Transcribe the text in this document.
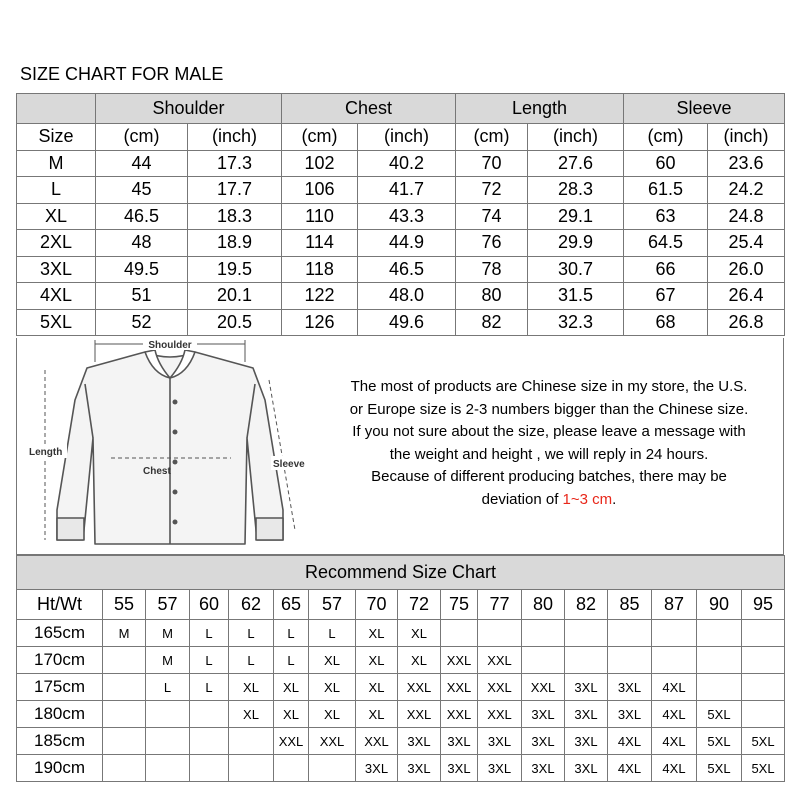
SIZE CHART FOR MALE
	Shoulder		Chest		Length		Sleeve	
Size	(cm)	(inch)	(cm)	(inch)	(cm)	(inch)	(cm)	(inch)
M	44	17.3	102	40.2	70	27.6	60	23.6
L	45	17.7	106	41.7	72	28.3	61.5	24.2
XL	46.5	18.3	110	43.3	74	29.1	63	24.8
2XL	48	18.9	114	44.9	76	29.9	64.5	25.4
3XL	49.5	19.5	118	46.5	78	30.7	66	26.0
4XL	51	20.1	122	48.0	80	31.5	67	26.4
5XL	52	20.5	126	49.6	82	32.3	68	26.8
Shoulder
Length
Chest
Sleeve
The most of products are Chinese size in my store, the U.S.
or Europe size is 2-3 numbers bigger than the Chinese size.
If you not sure about the size, please leave a message with
the weight and height , we will reply in 24 hours.
Because of different producing batches, there may be
deviation of 1~3 cm.
Recommend Size Chart																
Ht/Wt	55	57	60	62	65	57	70	72	75	77	80	82	85	87	90	95
165cm	M	M	L	L	L	L	XL	XL								
170cm		M	L	L	L	XL	XL	XL	XXL	XXL						
175cm		L	L	XL	XL	XL	XL	XXL	XXL	XXL	XXL	3XL	3XL	4XL		
180cm				XL	XL	XL	XL	XXL	XXL	XXL	3XL	3XL	3XL	4XL	5XL	
185cm					XXL	XXL	XXL	3XL	3XL	3XL	3XL	3XL	4XL	4XL	5XL	5XL
190cm							3XL	3XL	3XL	3XL	3XL	3XL	4XL	4XL	5XL	5XL
